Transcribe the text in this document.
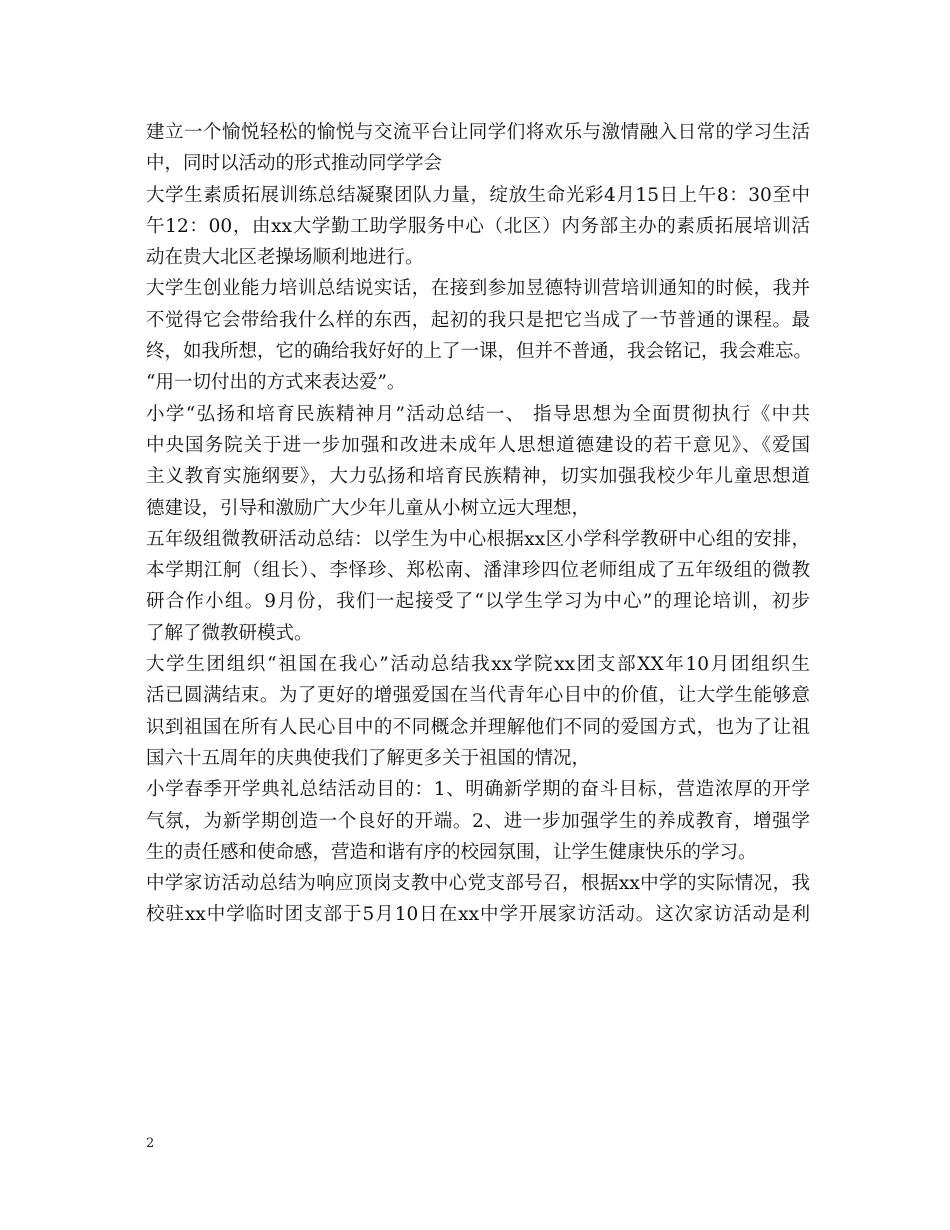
建立一个愉悦轻松的愉悦与交流平台让同学们将欢乐与激情融入日常的学习生活
中，同时以活动的形式推动同学学会
大学生素质拓展训练总结凝聚团队力量，绽放生命光彩4月15日上午8：30至中
午12：00，由xx大学勤工助学服务中心（北区）内务部主办的素质拓展培训活
动在贵大北区老操场顺利地进行。
大学生创业能力培训总结说实话，在接到参加昱德特训营培训通知的时候，我并
不觉得它会带给我什么样的东西，起初的我只是把它当成了一节普通的课程。最
终，如我所想，它的确给我好好的上了一课，但并不普通，我会铭记，我会难忘。
“用一切付出的方式来表达爱”。
小学“弘扬和培育民族精神月”活动总结一、 指导思想为全面贯彻执行《中共
中央国务院关于进一步加强和改进未成年人思想道德建设的若干意见》、《爱国
主义教育实施纲要》，大力弘扬和培育民族精神，切实加强我校少年儿童思想道
德建设，引导和激励广大少年儿童从小树立远大理想，
五年级组微教研活动总结：以学生为中心根据xx区小学科学教研中心组的安排，
本学期江舸（组长）、李怿珍、郑松南、潘津珍四位老师组成了五年级组的微教
研合作小组。9月份，我们一起接受了“以学生学习为中心”的理论培训，初步
了解了微教研模式。
大学生团组织“祖国在我心”活动总结我xx学院xx团支部XX年10月团组织生
活已圆满结束。为了更好的增强爱国在当代青年心目中的价值，让大学生能够意
识到祖国在所有人民心目中的不同概念并理解他们不同的爱国方式，也为了让祖
国六十五周年的庆典使我们了解更多关于祖国的情况，
小学春季开学典礼总结活动目的：1、明确新学期的奋斗目标，营造浓厚的开学
气氛，为新学期创造一个良好的开端。2、进一步加强学生的养成教育，增强学
生的责任感和使命感，营造和谐有序的校园氛围，让学生健康快乐的学习。
中学家访活动总结为响应顶岗支教中心党支部号召，根据xx中学的实际情况，我
校驻xx中学临时团支部于5月10日在xx中学开展家访活动。这次家访活动是利
2
